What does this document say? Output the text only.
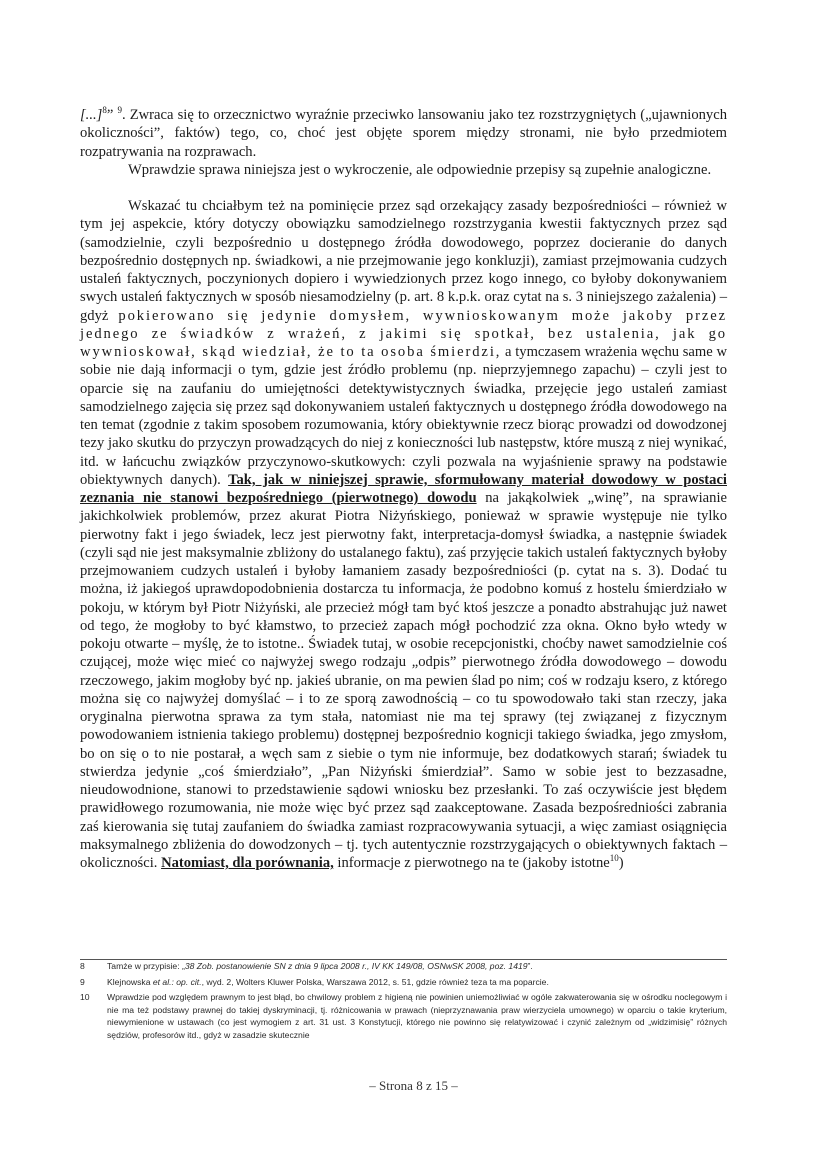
[...]$^8$” $^9$. Zwraca się to orzecznictwo wyraźnie przeciwko lansowaniu jako tez rozstrzygniętych („ujawnionych okoliczności”, faktów) tego, co, choć jest objęte sporem między stronami, nie było przedmiotem rozpatrywania na rozprawach.

Wprawdzie sprawa niniejsza jest o wykroczenie, ale odpowiednie przepisy są zupełnie analogiczne.

Wskazać tu chciałbym też na pominięcie przez sąd orzekający zasady bezpośredniości – również w tym jej aspekcie, który dotyczy obowiązku samodzielnego rozstrzygania kwestii faktycznych przez sąd (samodzielnie, czyli bezpośrednio u dostępnego źródła dowodowego, poprzez docieranie do danych bezpośrednio dostępnych np. świadkowi, a nie przejmowanie jego konkluzji), zamiast przejmowania cudzych ustaleń faktycznych, poczynionych dopiero i wywiedzionych przez kogo innego, co byłoby dokonywaniem swych ustaleń faktycznych w sposób niesamodzielny (p. art. 8 k.p.k. oraz cytat na s. 3 niniejszego zażalenia) – gdyż pokierowano się jedynie domysłem, wywnioskowanym może jakoby przez jednego ze świadków z wrażeń, z jakimi się spotkał, bez ustalenia, jak go wywnioskował, skąd wiedział, że to ta osoba śmierdzi, a tymczasem wrażenia węchu same w sobie nie dają informacji o tym, gdzie jest źródło problemu (np. nieprzyjemnego zapachu) – czyli jest to oparcie się na zaufaniu do umiejętności detektywistycznych świadka, przejęcie jego ustaleń zamiast samodzielnego zajęcia się przez sąd dokonywaniem ustaleń faktycznych u dostępnego źródła dowodowego na ten temat (zgodnie z takim sposobem rozumowania, który obiektywnie rzecz biorąc prowadzi od dowodzonej tezy jako skutku do przyczyn prowadzących do niej z konieczności lub następstw, które muszą z niej wynikać, itd. w łańcuchu związków przyczynowo-skutkowych: czyli pozwala na wyjaśnienie sprawy na podstawie obiektywnych danych). Tak, jak w niniejszej sprawie, sformułowany materiał dowodowy w postaci zeznania nie stanowi bezpośredniego (pierwotnego) dowodu na jakąkolwiek „winę”, na sprawianie jakichkolwiek problemów, przez akurat Piotra Niżyńskiego, ponieważ w sprawie występuje nie tylko pierwotny fakt i jego świadek, lecz jest pierwotny fakt, interpretacja-domysł świadka, a następnie świadek (czyli sąd nie jest maksymalnie zbliżony do ustalanego faktu), zaś przyjęcie takich ustaleń faktycznych byłoby przejmowaniem cudzych ustaleń i byłoby łamaniem zasady bezpośredniości (p. cytat na s. 3). Dodać tu można, iż jakiegoś uprawdopodobnienia dostarcza tu informacja, że podobno komuś z hostelu śmierdziało w pokoju, w którym był Piotr Niżyński, ale przecież mógł tam być ktoś jeszcze a ponadto abstrahując już nawet od tego, że mogłoby to być kłamstwo, to przecież zapach mógł pochodzić zza okna. Okno było wtedy w pokoju otwarte – myślę, że to istotne.. Świadek tutaj, w osobie recepcjonistki, choćby nawet samodzielnie coś czującej, może więc mieć co najwyżej swego rodzaju „odpis” pierwotnego źródła dowodowego – dowodu rzeczowego, jakim mogłoby być np. jakieś ubranie, on ma pewien ślad po nim; coś w rodzaju ksero, z którego można się co najwyżej domyślać – i to ze sporą zawodnością – co tu spowodowało taki stan rzeczy, jaka oryginalna pierwotna sprawa za tym stała, natomiast nie ma tej sprawy (tej związanej z fizycznym powodowaniem istnienia takiego problemu) dostępnej bezpośrednio kognicji takiego świadka, jego zmysłom, bo on się o to nie postarał, a węch sam z siebie o tym nie informuje, bez dodatkowych starań; świadek tu stwierdza jedynie „coś śmierdziało”, „Pan Niżyński śmierdział”. Samo w sobie jest to bezzasadne, nieudowodnione, stanowi to przedstawienie sądowi wniosku bez przesłanki. To zaś oczywiście jest błędem prawidłowego rozumowania, nie może więc być przez sąd zaakceptowane. Zasada bezpośredniości zabrania zaś kierowania się tutaj zaufaniem do świadka zamiast rozpracowywania sytuacji, a więc zamiast osiągnięcia maksymalnego zbliżenia do dowodzonych – tj. tych autentycznie rozstrzygających o obiektywnych faktach – okoliczności. Natomiast, dla porównania, informacje z pierwotnego na te (jakoby istotne$^{10}$)

8	Tamże w przypisie: „38 Zob. postanowienie SN z dnia 9 lipca 2008 r., IV KK 149/08, OSNwSK 2008, poz. 1419”.
9	Klejnowska et al.: op. cit., wyd. 2, Wolters Kluwer Polska, Warszawa 2012, s. 51, gdzie również teza ta ma poparcie.
10	Wprawdzie pod względem prawnym to jest błąd, bo chwilowy problem z higieną nie powinien uniemożliwiać w ogóle zakwaterowania się w ośrodku noclegowym i nie ma też podstawy prawnej do takiej dyskryminacji, tj. różnicowania w prawach (nieprzyznawania praw wierzyciela umownego) w oparciu o takie kryterium, niewymienione w ustawach (co jest wymogiem z art. 31 ust. 3 Konstytucji, którego nie powinno się relatywizować i czynić zależnym od „widzimisię” różnych sędziów, profesorów itd., gdyż w zasadzie skutecznie
– Strona 8 z 15 –
